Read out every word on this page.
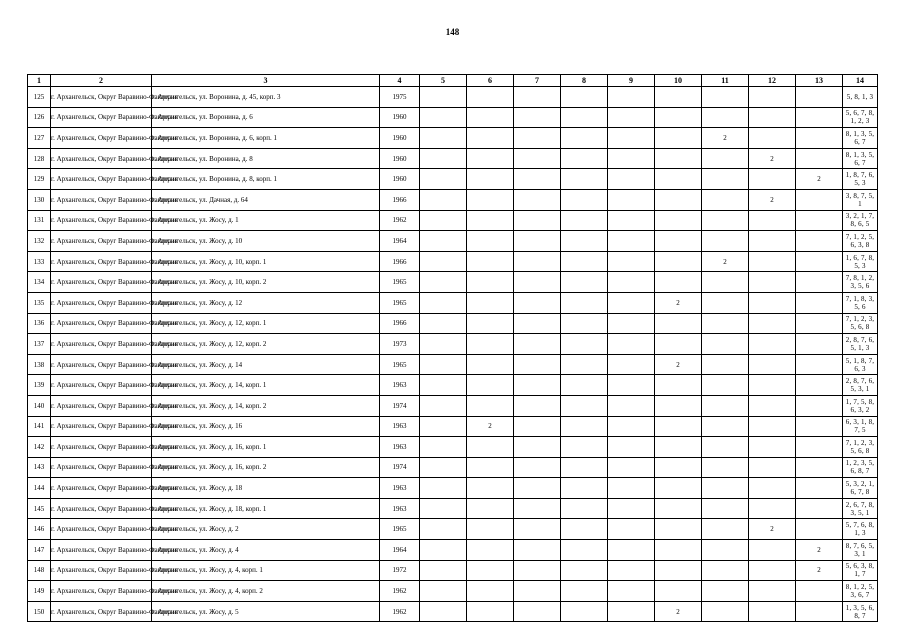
148
1	2	3	4	5	6	7	8	9	10	11	12	13	14
125	г. Архангельск, Округ Варавино-Фактория	г. Архангельск, ул. Воронина, д. 45, корп. 3	1975										5, 8, 1, 3
126	г. Архангельск, Округ Варавино-Фактория	г. Архангельск, ул. Воронина, д. 6	1960										5, 6, 7, 8, 1, 2, 3
127	г. Архангельск, Округ Варавино-Фактория	г. Архангельск, ул. Воронина, д. 6, корп. 1	1960							2			8, 1, 3, 5, 6, 7
128	г. Архангельск, Округ Варавино-Фактория	г. Архангельск, ул. Воронина, д. 8	1960								2		8, 1, 3, 5, 6, 7
129	г. Архангельск, Округ Варавино-Фактория	г. Архангельск, ул. Воронина, д. 8, корп. 1	1960									2	1, 8, 7, 6, 5, 3
130	г. Архангельск, Округ Варавино-Фактория	г. Архангельск, ул. Дачная, д. 64	1966								2		3, 8, 7, 5, 1
131	г. Архангельск, Округ Варавино-Фактория	г. Архангельск, ул. Жосу, д. 1	1962										3, 2, 1, 7, 8, 6, 5
132	г. Архангельск, Округ Варавино-Фактория	г. Архангельск, ул. Жосу, д. 10	1964										7, 1, 2, 5, 6, 3, 8
133	г. Архангельск, Округ Варавино-Фактория	г. Архангельск, ул. Жосу, д. 10, корп. 1	1966							2			1, 6, 7, 8, 5, 3
134	г. Архангельск, Округ Варавино-Фактория	г. Архангельск, ул. Жосу, д. 10, корп. 2	1965										7, 8, 1, 2, 3, 5, 6
135	г. Архангельск, Округ Варавино-Фактория	г. Архангельск, ул. Жосу, д. 12	1965						2				7, 1, 8, 3, 5, 6
136	г. Архангельск, Округ Варавино-Фактория	г. Архангельск, ул. Жосу, д. 12, корп. 1	1966										7, 1, 2, 3, 5, 6, 8
137	г. Архангельск, Округ Варавино-Фактория	г. Архангельск, ул. Жосу, д. 12, корп. 2	1973										2, 8, 7, 6, 5, 1, 3
138	г. Архангельск, Округ Варавино-Фактория	г. Архангельск, ул. Жосу, д. 14	1965						2				5, 1, 8, 7, 6, 3
139	г. Архангельск, Округ Варавино-Фактория	г. Архангельск, ул. Жосу, д. 14, корп. 1	1963										2, 8, 7, 6, 5, 3, 1
140	г. Архангельск, Округ Варавино-Фактория	г. Архангельск, ул. Жосу, д. 14, корп. 2	1974										1, 7, 5, 8, 6, 3, 2
141	г. Архангельск, Округ Варавино-Фактория	г. Архангельск, ул. Жосу, д. 16	1963		2								6, 3, 1, 8, 7, 5
142	г. Архангельск, Округ Варавино-Фактория	г. Архангельск, ул. Жосу, д. 16, корп. 1	1963										7, 1, 2, 3, 5, 6, 8
143	г. Архангельск, Округ Варавино-Фактория	г. Архангельск, ул. Жосу, д. 16, корп. 2	1974										1, 2, 3, 5, 6, 8, 7
144	г. Архангельск, Округ Варавино-Фактория	г. Архангельск, ул. Жосу, д. 18	1963										5, 3, 2, 1, 6, 7, 8
145	г. Архангельск, Округ Варавино-Фактория	г. Архангельск, ул. Жосу, д. 18, корп. 1	1963										2, 6, 7, 8, 3, 5, 1
146	г. Архангельск, Округ Варавино-Фактория	г. Архангельск, ул. Жосу, д. 2	1965								2		5, 7, 6, 8, 1, 3
147	г. Архангельск, Округ Варавино-Фактория	г. Архангельск, ул. Жосу, д. 4	1964									2	8, 7, 6, 5, 3, 1
148	г. Архангельск, Округ Варавино-Фактория	г. Архангельск, ул. Жосу, д. 4, корп. 1	1972									2	5, 6, 3, 8, 1, 7
149	г. Архангельск, Округ Варавино-Фактория	г. Архангельск, ул. Жосу, д. 4, корп. 2	1962										8, 1, 2, 5, 3, 6, 7
150	г. Архангельск, Округ Варавино-Фактория	г. Архангельск, ул. Жосу, д. 5	1962						2				1, 3, 5, 6, 8, 7
